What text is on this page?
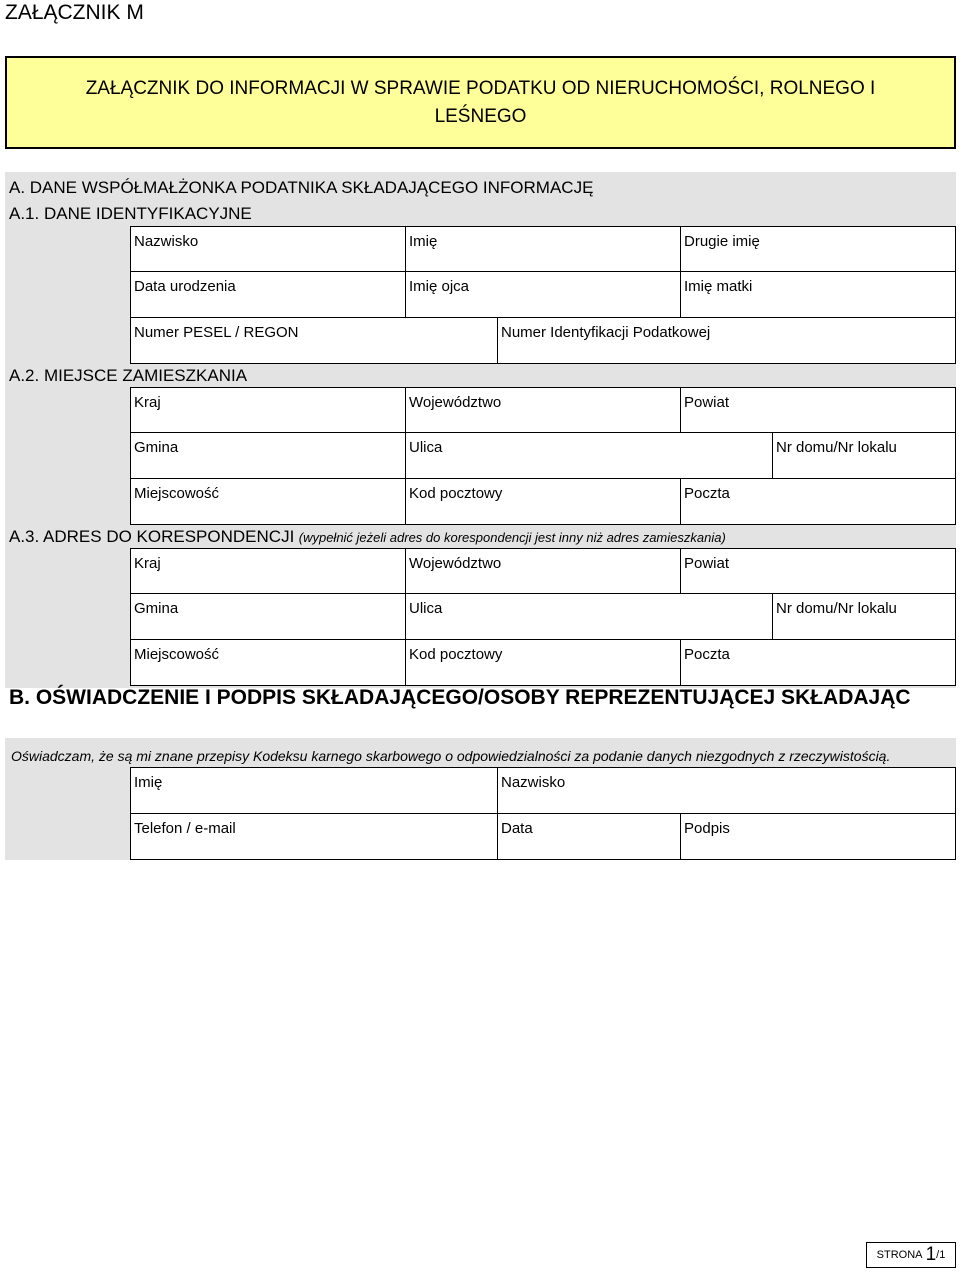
ZAŁĄCZNIK M
ZAŁĄCZNIK DO INFORMACJI W SPRAWIE PODATKU OD NIERUCHOMOŚCI, ROLNEGO I LEŚNEGO
A. DANE WSPÓŁMAŁŻONKA PODATNIKA SKŁADAJĄCEGO INFORMACJĘ
A.1. DANE IDENTYFIKACYJNE
Nazwisko	Imię	Drugie imię
Data urodzenia	Imię ojca	Imię matki
Numer PESEL / REGON	Numer Identyfikacji Podatkowej
A.2. MIEJSCE ZAMIESZKANIA
Kraj	Województwo	Powiat
Gmina	Ulica	Nr domu/Nr lokalu
Miejscowość	Kod pocztowy	Poczta
A.3. ADRES DO KORESPONDENCJI (wypełnić jeżeli adres do korespondencji jest inny niż adres zamieszkania)
Kraj	Województwo	Powiat
Gmina	Ulica	Nr domu/Nr lokalu
Miejscowość	Kod pocztowy	Poczta
B. OŚWIADCZENIE I PODPIS SKŁADAJĄCEGO/OSOBY REPREZENTUJĄCEJ SKŁADAJĄC
Oświadczam, że są mi znane przepisy Kodeksu karnego skarbowego o odpowiedzialności za podanie danych niezgodnych z rzeczywistością.
Imię	Nazwisko
Telefon / e-mail	Data	Podpis
STRONA
1 /1
